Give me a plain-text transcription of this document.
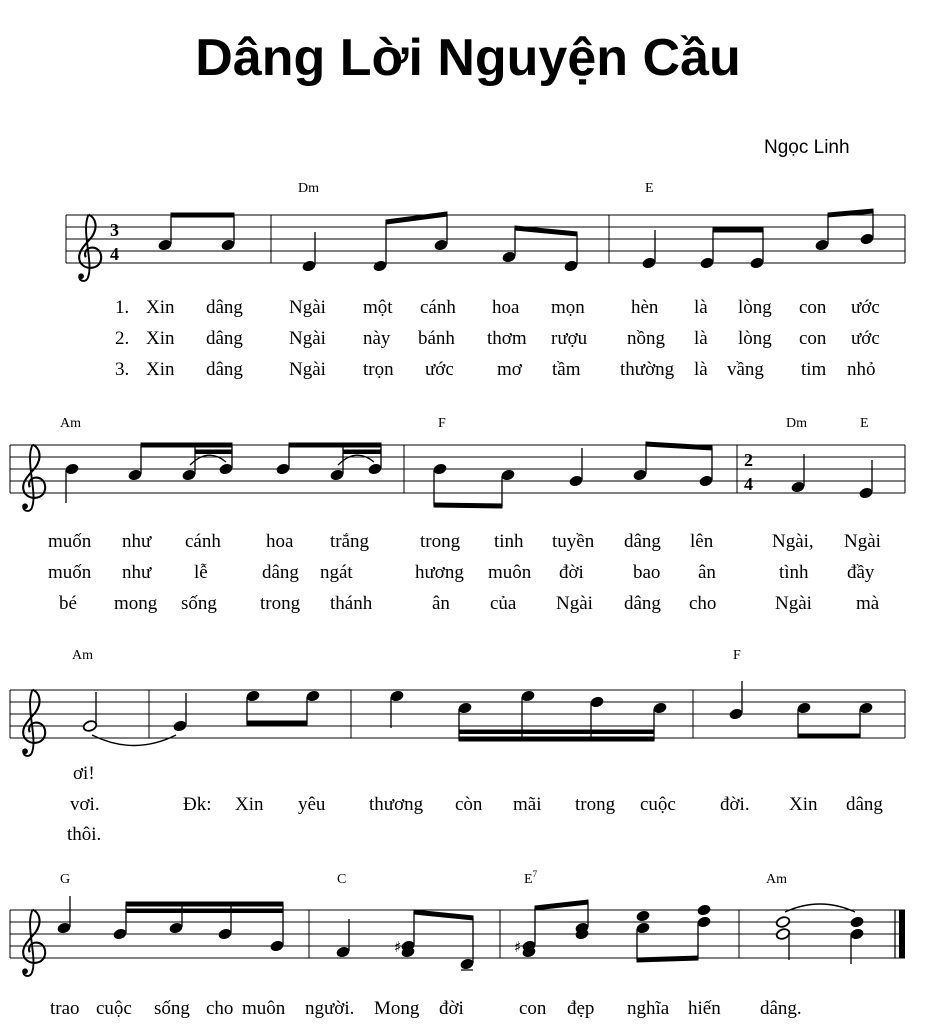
Dâng Lời Nguyện Cầu
Ngọc Linh
3
4
Dm	E
1. Xin dâng Ngài một cánh hoa mọn hèn là lòng con ước
2. Xin dâng Ngài này bánh thơm rượu nồng là lòng con ước
3. Xin dâng Ngài trọn ước mơ tầm thường là vầng tim nhỏ
Am	F	Dm	E
2
4
muốn như cánh hoa trắng	trong tinh tuyền dâng lên	Ngài, Ngài
muốn như lễ	dâng ngát	hương muôn đời	bao ân	tình đầy
bé mong sống trong thánh	ân của Ngài dâng cho	Ngài mà
Am	F
ơi!
vơi.	Đk: Xin yêu thương còn mãi trong cuộc đời. Xin dâng
thôi.
G	C	$E^7$	Am
♯	♯
trao cuộc sống cho muôn người. Mong đời	con đẹp nghĩa hiến dâng.
